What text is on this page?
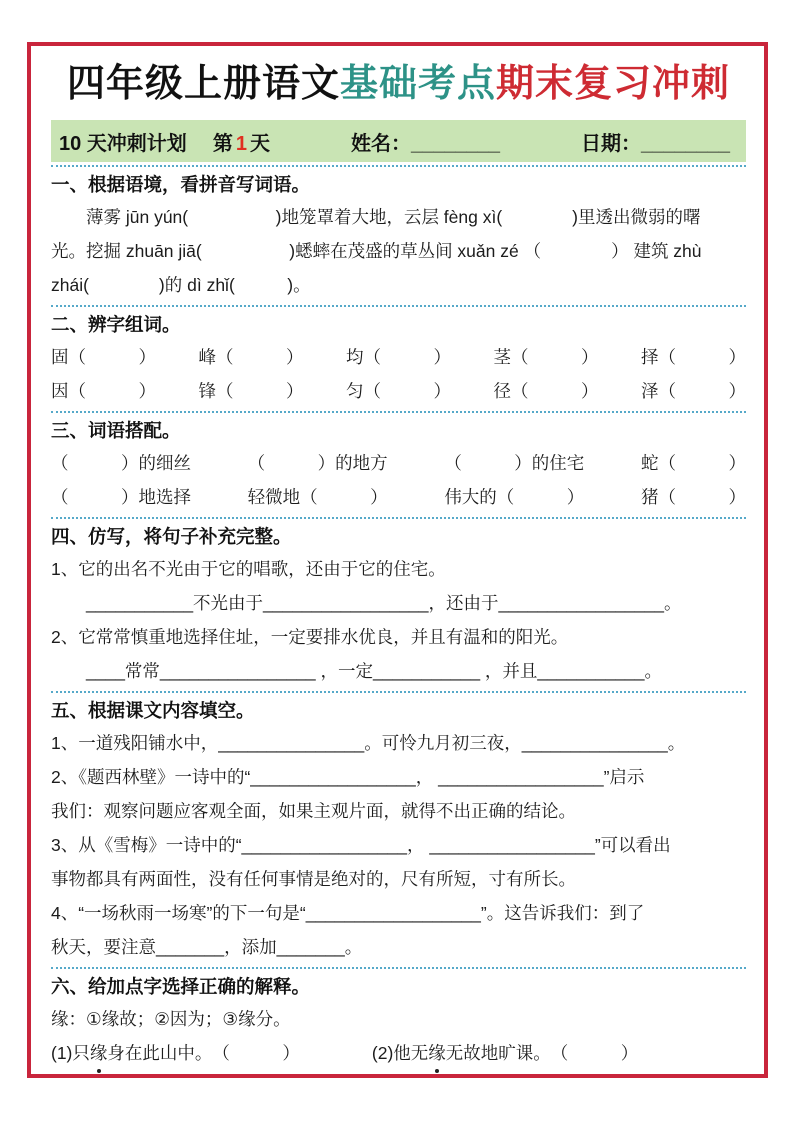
四年级上册语文基础考点期末复习冲刺
10 天冲刺计划 第 1 天	姓名：________	日期：________
一、根据语境，看拼音写词语。
　　薄雾 jūn yún(　　　　　)地笼罩着大地，云层 fèng xì(　　　　)里透出微弱的曙
光。挖掘 zhuān jiā(　　　　　)蟋蟀在茂盛的草丛间 xuǎn zé （　　　　） 建筑 zhù
zhái(　　　　)的 dì zhǐ(　　　)。
二、辨字组词。
固（　　　） 峰（　　　） 均（　　　） 茎（　　　） 择（　　　）
因（　　　） 锋（　　　） 匀（　　　） 径（　　　） 泽（　　　）
三、词语搭配。
（　　　）的细丝	（　　　）的地方	（　　　）的住宅	蛇（　　　）
（　　　）地选择	轻微地（　　　）	伟大的（　　　）	猪（　　　）
四、仿写，将句子补充完整。
1、它的出名不光由于它的唱歌，还由于它的住宅。
　　___________不光由于_________________，还由于_________________。
2、它常常慎重地选择住址，一定要排水优良，并且有温和的阳光。
　　____常常________________ ，一定___________ ，并且___________。
五、根据课文内容填空。
1、一道残阳铺水中，_______________。可怜九月初三夜，_______________。
2、《题西林壁》一诗中的“_________________， _________________”启示
我们：观察问题应客观全面，如果主观片面，就得不出正确的结论。
3、从《雪梅》一诗中的“_________________， _________________”可以看出
事物都具有两面性，没有任何事情是绝对的，尺有所短，寸有所长。
4、“一场秋雨一场寒”的下一句是“__________________”。这告诉我们：到了
秋天，要注意_______，添加_______。
六、给加点字选择正确的解释。
缘：①缘故；②因为；③缘分。
(1)只缘身在此山中。　（　　　）	(2)他无缘无故地旷课。　（　　　）
